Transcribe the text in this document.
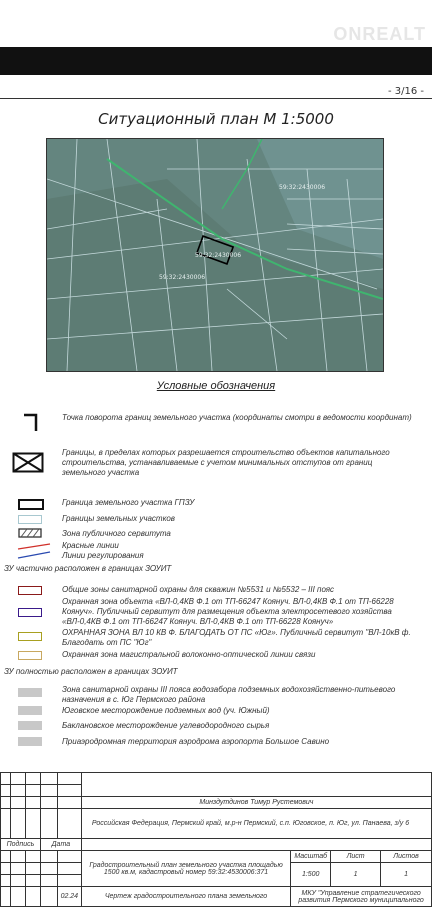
ONREALT
- 3/16 -
Ситуационный план М 1:5000
59:32:2430006
59:32:2430006
59:32:2430006
Условные обозначения
Точка поворота границ земельного участка (координаты смотри в ведомости координат)
Границы, в пределах которых разрешается строительство объектов капитального строительства, устанавливаемые с учетом минимальных отступов от границ земельного участка
Граница земельного участка ГПЗУ
Границы земельных участков
Зона публичного сервитута
Красные линии
Линии регулирования
ЗУ частично расположен в границах ЗОУИТ
Общие зоны санитарной охраны для скважин №5531 и №5532 – III пояс
Охранная зона объекта «ВЛ-0,4КВ Ф.1 от ТП-66247 Коянуч. ВЛ-0,4КВ Ф.1 от ТП-66228 Коянуч». Публичный сервитут для размещения объекта электросетевого хозяйства «ВЛ-0,4КВ Ф.1 от ТП-66247 Коянуч. ВЛ-0,4КВ Ф.1 от ТП-66228 Коянуч»
ОХРАННАЯ ЗОНА ВЛ 10 КВ Ф. БЛАГОДАТЬ ОТ ПС «Юг». Публичный сервитут "ВЛ-10кВ ф. Благодать от ПС "Юг"
Охранная зона магистральной волоконно-оптической линии связи
ЗУ полностью расположен в границах ЗОУИТ
Зона санитарной охраны III пояса водозабора подземных водохозяйственно-питьевого назначения в с. Юг Пермского района
Юговское месторождение подземных вод (уч. Южный)
Баклановское месторождение углеводородного сырья
Приаэродромная территория аэродрома аэропорта Большое Савино

					Минздутдинов Тимур Рустемович			
					Российская Федерация, Пермский край, м.р-н Пермский, с.п. Юговское, п. Юг, ул. Панаева, з/у 6			
Подпись			Дата					
					Градостроительный план земельного участка площадью 1500 кв.м, кадастровый номер 59:32:4530006:371	Масштаб	Лист	Листов
						1:500	1	1

				02.24	Чертеж градостроительного плана земельного	МКУ "Управление стратегического развития Пермского муниципального		
